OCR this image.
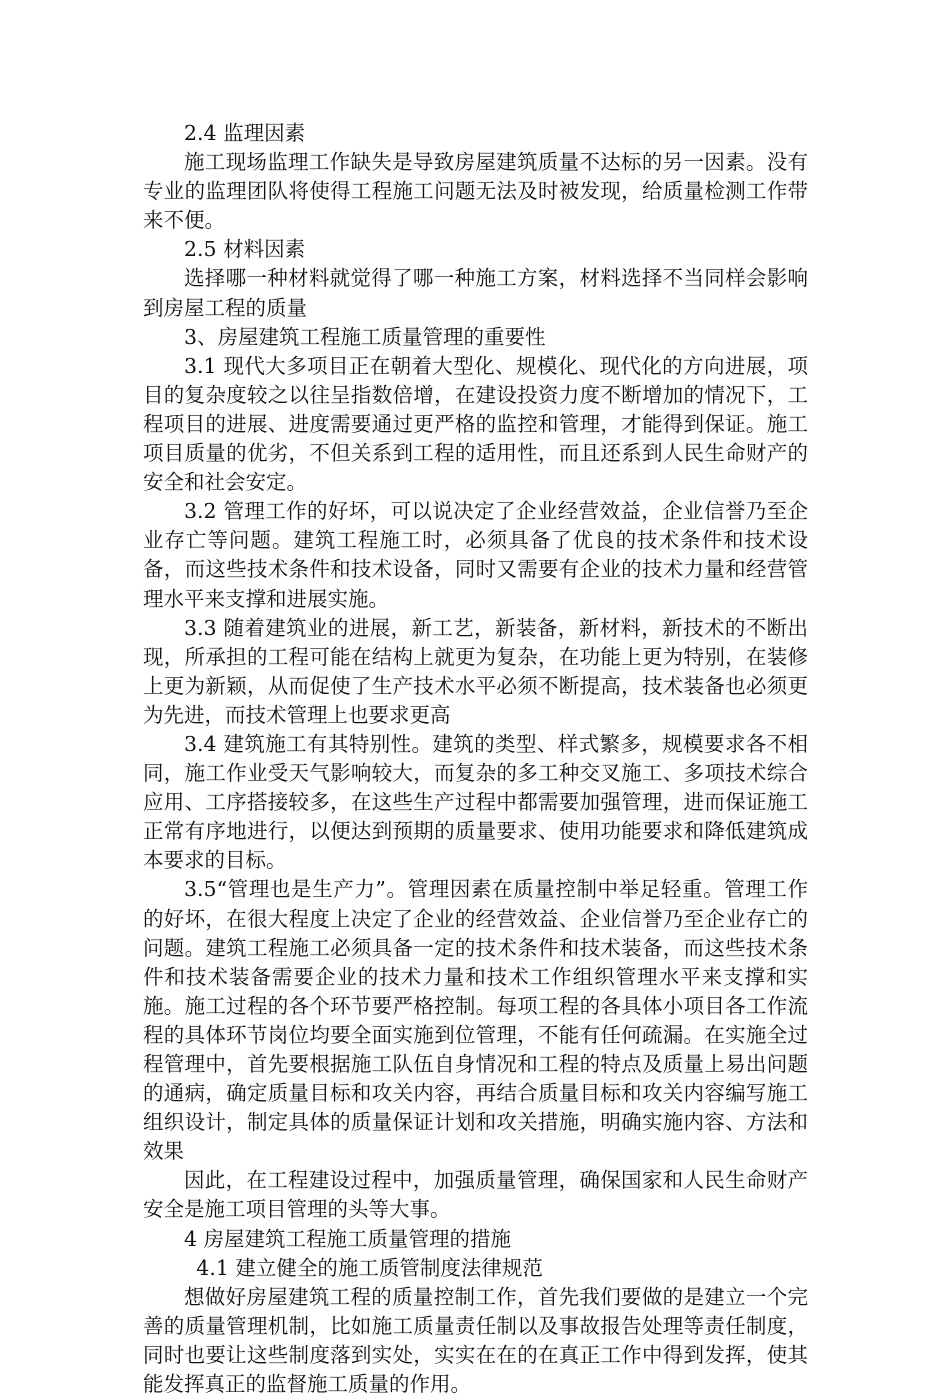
2.4 监理因素

施工现场监理工作缺失是导致房屋建筑质量不达标的另一因素。没有专业的监理团队将使得工程施工问题无法及时被发现，给质量检测工作带来不便。

2.5 材料因素

选择哪一种材料就觉得了哪一种施工方案，材料选择不当同样会影响到房屋工程的质量

3、房屋建筑工程施工质量管理的重要性

3.1 现代大多项目正在朝着大型化、规模化、现代化的方向进展，项目的复杂度较之以往呈指数倍增，在建设投资力度不断增加的情况下，工程项目的进展、进度需要通过更严格的监控和管理，才能得到保证。施工项目质量的优劣，不但关系到工程的适用性，而且还系到人民生命财产的安全和社会安定。

3.2 管理工作的好坏，可以说决定了企业经营效益，企业信誉乃至企业存亡等问题。建筑工程施工时，必须具备了优良的技术条件和技术设备，而这些技术条件和技术设备，同时又需要有企业的技术力量和经营管理水平来支撑和进展实施。

3.3 随着建筑业的进展，新工艺，新装备，新材料，新技术的不断出现，所承担的工程可能在结构上就更为复杂，在功能上更为特别，在装修上更为新颖，从而促使了生产技术水平必须不断提高，技术装备也必须更为先进，而技术管理上也要求更高

3.4 建筑施工有其特别性。建筑的类型、样式繁多，规模要求各不相同，施工作业受天气影响较大，而复杂的多工种交叉施工、多项技术综合应用、工序搭接较多，在这些生产过程中都需要加强管理，进而保证施工正常有序地进行，以便达到预期的质量要求、使用功能要求和降低建筑成本要求的目标。

3.5“管理也是生产力”。管理因素在质量控制中举足轻重。管理工作的好坏，在很大程度上决定了企业的经营效益、企业信誉乃至企业存亡的问题。建筑工程施工必须具备一定的技术条件和技术装备，而这些技术条件和技术装备需要企业的技术力量和技术工作组织管理水平来支撑和实施。施工过程的各个环节要严格控制。每项工程的各具体小项目各工作流程的具体环节岗位均要全面实施到位管理，不能有任何疏漏。在实施全过程管理中，首先要根据施工队伍自身情况和工程的特点及质量上易出问题的通病，确定质量目标和攻关内容，再结合质量目标和攻关内容编写施工组织设计，制定具体的质量保证计划和攻关措施，明确实施内容、方法和效果

因此，在工程建设过程中，加强质量管理，确保国家和人民生命财产安全是施工项目管理的头等大事。

4 房屋建筑工程施工质量管理的措施

4.1 建立健全的施工质管制度法律规范

想做好房屋建筑工程的质量控制工作，首先我们要做的是建立一个完善的质量管理机制，比如施工质量责任制以及事故报告处理等责任制度，同时也要让这些制度落到实处，实实在在的在真正工作中得到发挥，使其能发挥真正的监督施工质量的作用。
